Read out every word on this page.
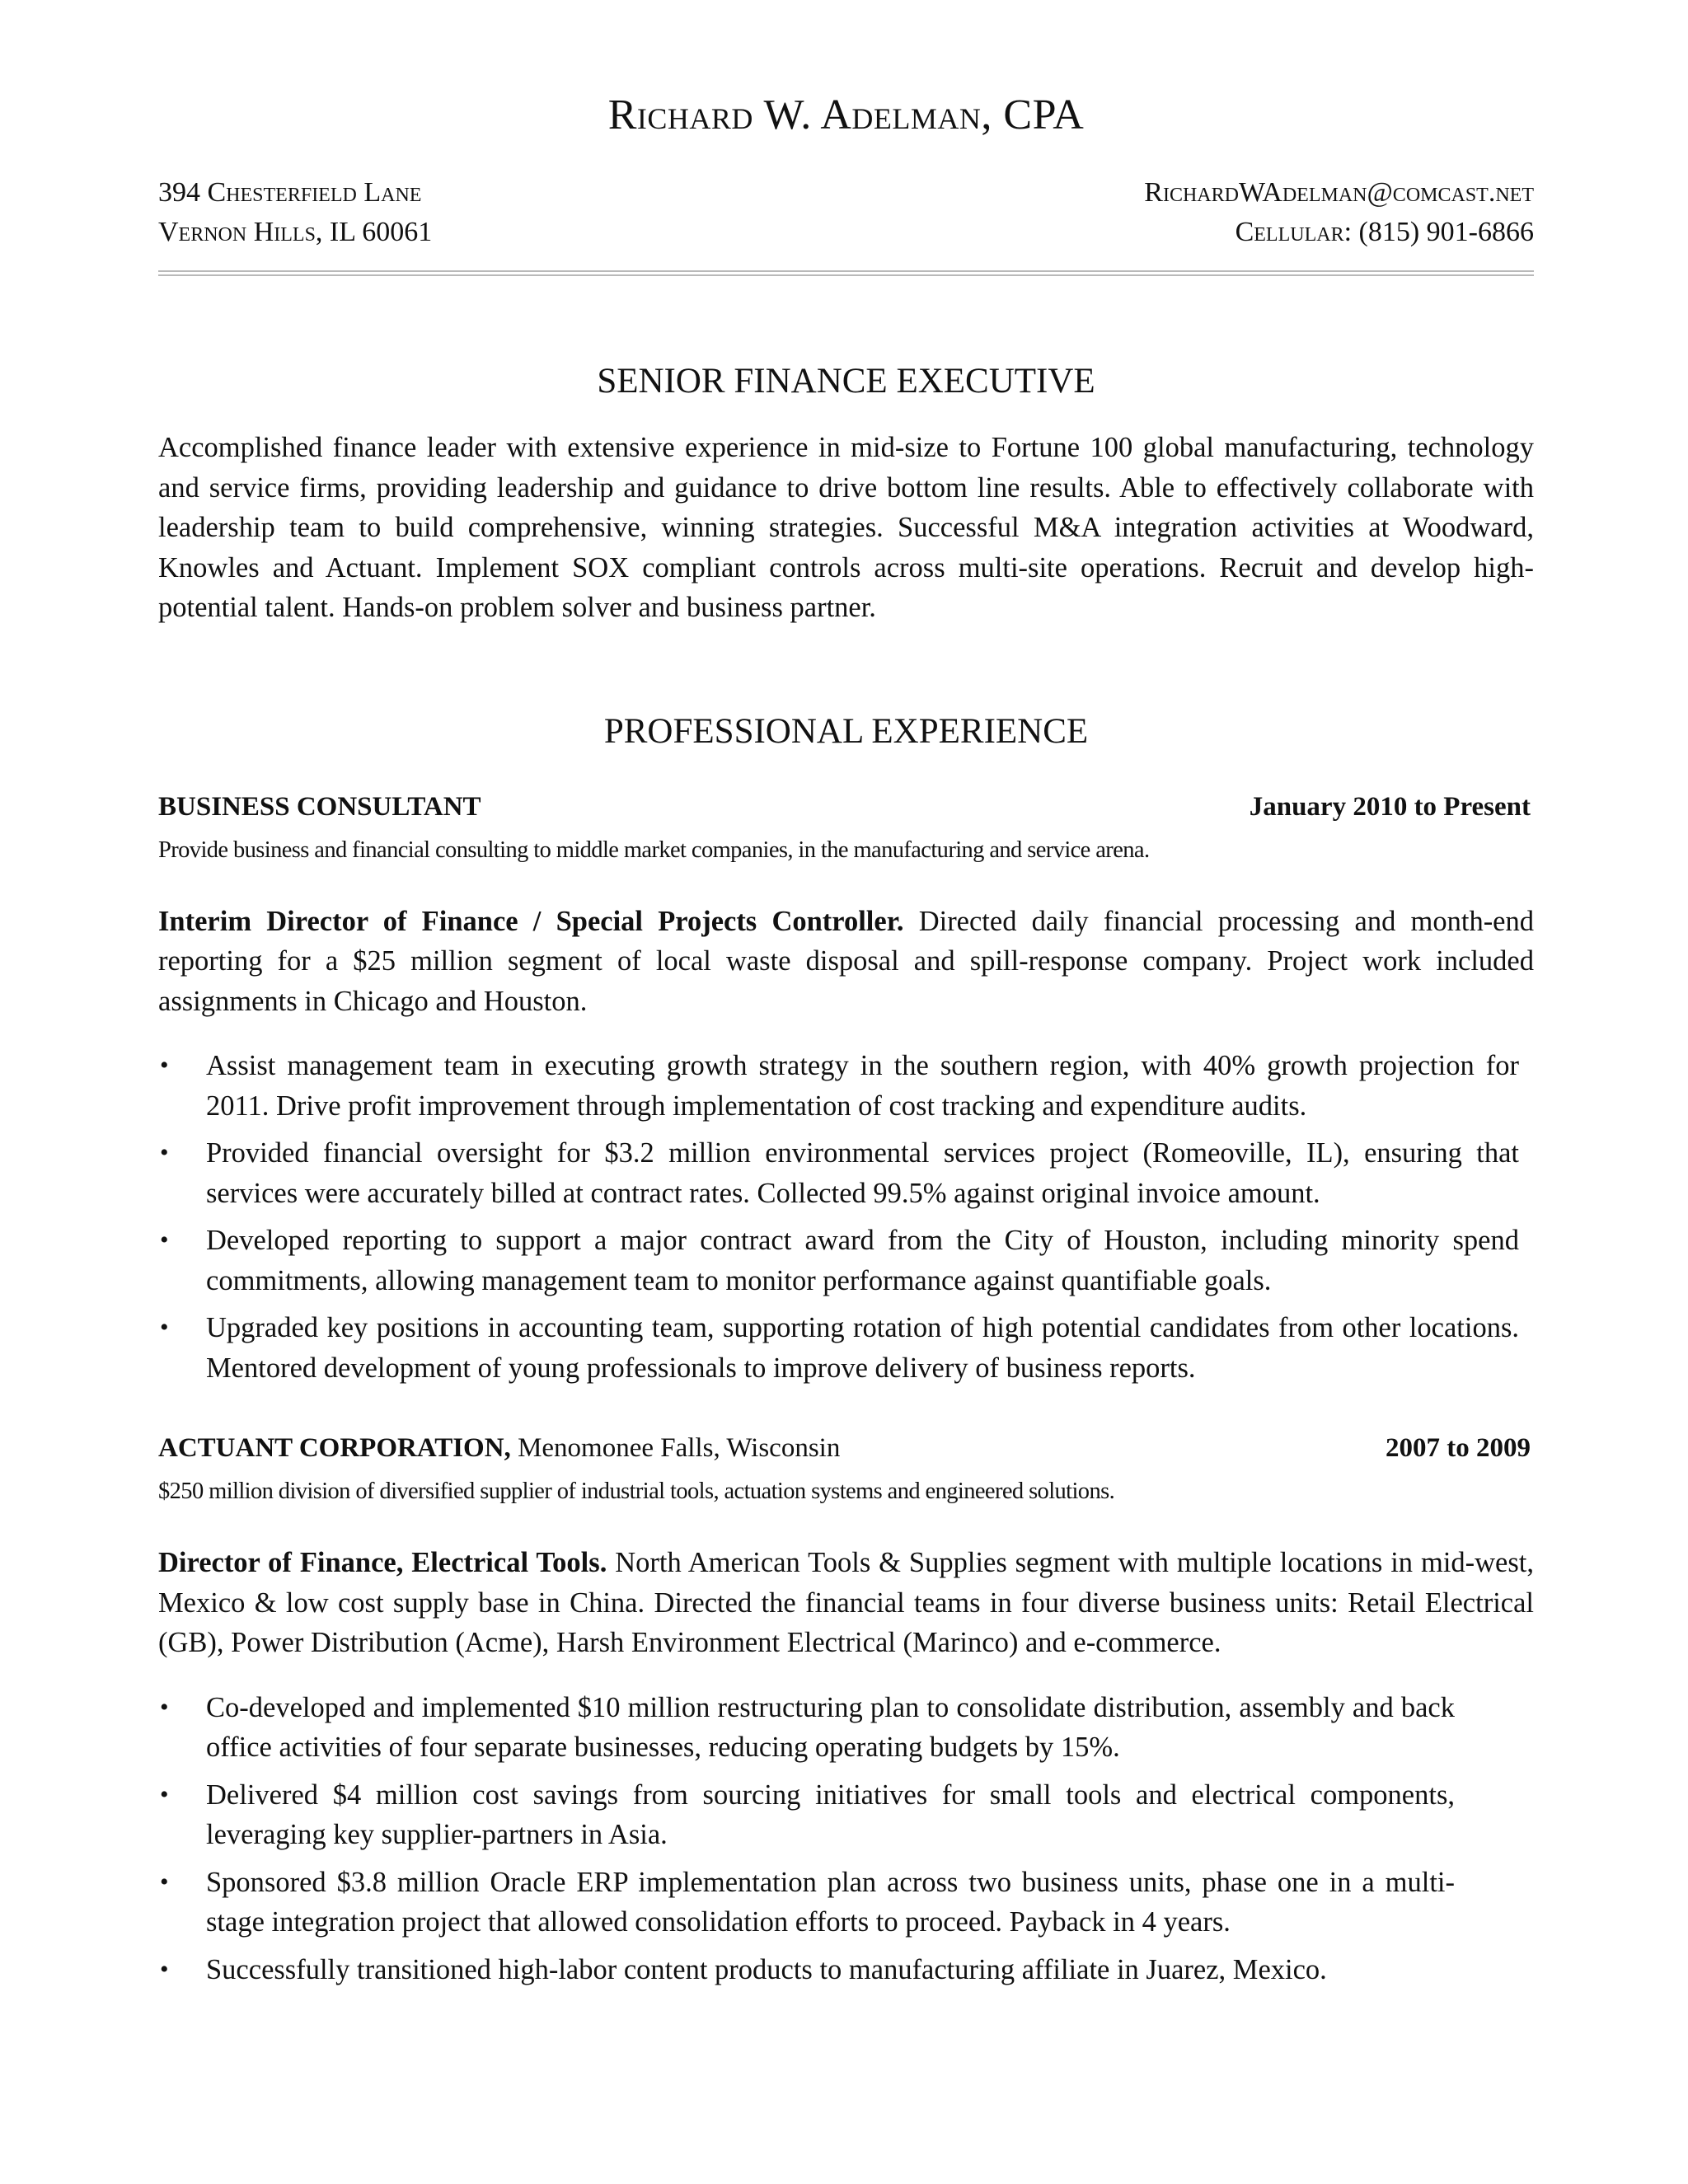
Richard W. Adelman, CPA
394 Chesterfield Lane
Vernon Hills, IL 60061
RichardWAdelman@comcast.net
Cellular: (815) 901-6866
SENIOR FINANCE EXECUTIVE

Accomplished finance leader with extensive experience in mid-size to Fortune 100 global manufacturing, technology and service firms, providing leadership and guidance to drive bottom line results. Able to effectively collaborate with leadership team to build comprehensive, winning strategies. Successful M&A integration activities at Woodward, Knowles and Actuant. Implement SOX compliant controls across multi-site operations. Recruit and develop high-potential talent. Hands-on problem solver and business partner.

PROFESSIONAL EXPERIENCE
BUSINESS CONSULTANT	January 2010 to Present
Provide business and financial consulting to middle market companies, in the manufacturing and service arena.

Interim Director of Finance / Special Projects Controller. Directed daily financial processing and month-end reporting for a $25 million segment of local waste disposal and spill-response company. Project work included assignments in Chicago and Houston.

• Assist management team in executing growth strategy in the southern region, with 40% growth projection for 2011. Drive profit improvement through implementation of cost tracking and expenditure audits.
• Provided financial oversight for $3.2 million environmental services project (Romeoville, IL), ensuring that services were accurately billed at contract rates. Collected 99.5% against original invoice amount.
• Developed reporting to support a major contract award from the City of Houston, including minority spend commitments, allowing management team to monitor performance against quantifiable goals.
• Upgraded key positions in accounting team, supporting rotation of high potential candidates from other locations. Mentored development of young professionals to improve delivery of business reports.
ACTUANT CORPORATION, Menomonee Falls, Wisconsin	2007 to 2009
$250 million division of diversified supplier of industrial tools, actuation systems and engineered solutions.

Director of Finance, Electrical Tools. North American Tools & Supplies segment with multiple locations in mid-west, Mexico & low cost supply base in China. Directed the financial teams in four diverse business units: Retail Electrical (GB), Power Distribution (Acme), Harsh Environment Electrical (Marinco) and e-commerce.

• Co-developed and implemented $10 million restructuring plan to consolidate distribution, assembly and back office activities of four separate businesses, reducing operating budgets by 15%.
• Delivered $4 million cost savings from sourcing initiatives for small tools and electrical components, leveraging key supplier-partners in Asia.
• Sponsored $3.8 million Oracle ERP implementation plan across two business units, phase one in a multi-stage integration project that allowed consolidation efforts to proceed. Payback in 4 years.
• Successfully transitioned high-labor content products to manufacturing affiliate in Juarez, Mexico.
